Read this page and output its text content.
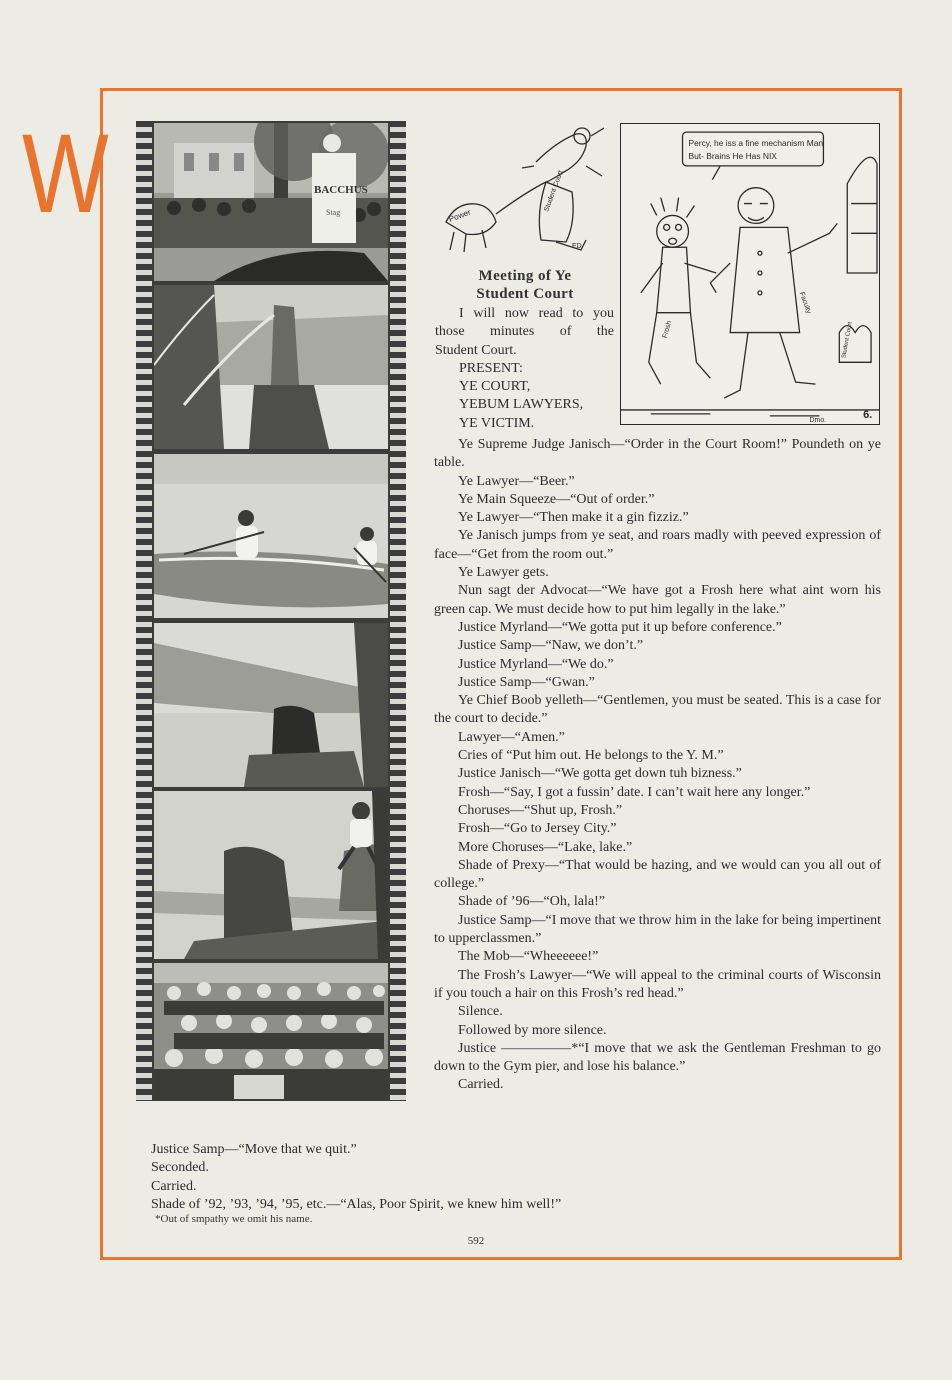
W	BACCHUS
Stag	Power
Student Court
ED
Percy, he iss a fine mechanism Man
But- Brains He Has NIX
Frosh
Faculty
Student Court
Dmo.	6.
Meeting of Ye
Student Court

I will now read to you

those minutes of the

Student Court.

PRESENT:

YE COURT,

YEBUM LAWYERS,

YE VICTIM.

Ye Supreme Judge Janisch—“Order in the Court Room!” Poundeth on ye table.

Ye Lawyer—“Beer.”

Ye Main Squeeze—“Out of order.”

Ye Lawyer—“Then make it a gin fizziz.”

Ye Janisch jumps from ye seat, and roars madly with peeved expression of face—“Get from the room out.”

Ye Lawyer gets.

Nun sagt der Advocat—“We have got a Frosh here what aint worn his green cap. We must decide how to put him legally in the lake.”

Justice Myrland—“We gotta put it up before conference.”

Justice Samp—“Naw, we don’t.”

Justice Myrland—“We do.”

Justice Samp—“Gwan.”

Ye Chief Boob yelleth—“Gentlemen, you must be seated. This is a case for the court to decide.”

Lawyer—“Amen.”

Cries of “Put him out. He belongs to the Y. M.”

Justice Janisch—“We gotta get down tuh bizness.”

Frosh—“Say, I got a fussin’ date. I can’t wait here any longer.”

Choruses—“Shut up, Frosh.”

Frosh—“Go to Jersey City.”

More Choruses—“Lake, lake.”

Shade of Prexy—“That would be hazing, and we would can you all out of college.”

Shade of ’96—“Oh, lala!”

Justice Samp—“I move that we throw him in the lake for being impertinent to upperclassmen.”

The Mob—“Wheeeeee!”

The Frosh’s Lawyer—“We will appeal to the criminal courts of Wisconsin if you touch a hair on this Frosh’s red head.”

Silence.

Followed by more silence.

Justice —————*“I move that we ask the Gentleman Freshman to go down to the Gym pier, and lose his balance.”

Carried.

Justice Samp—“Move that we quit.”

Seconded.

Carried.

Shade of ’92, ’93, ’94, ’95, etc.—“Alas, Poor Spirit, we knew him well!”

*Out of smpathy we omit his name.
592
